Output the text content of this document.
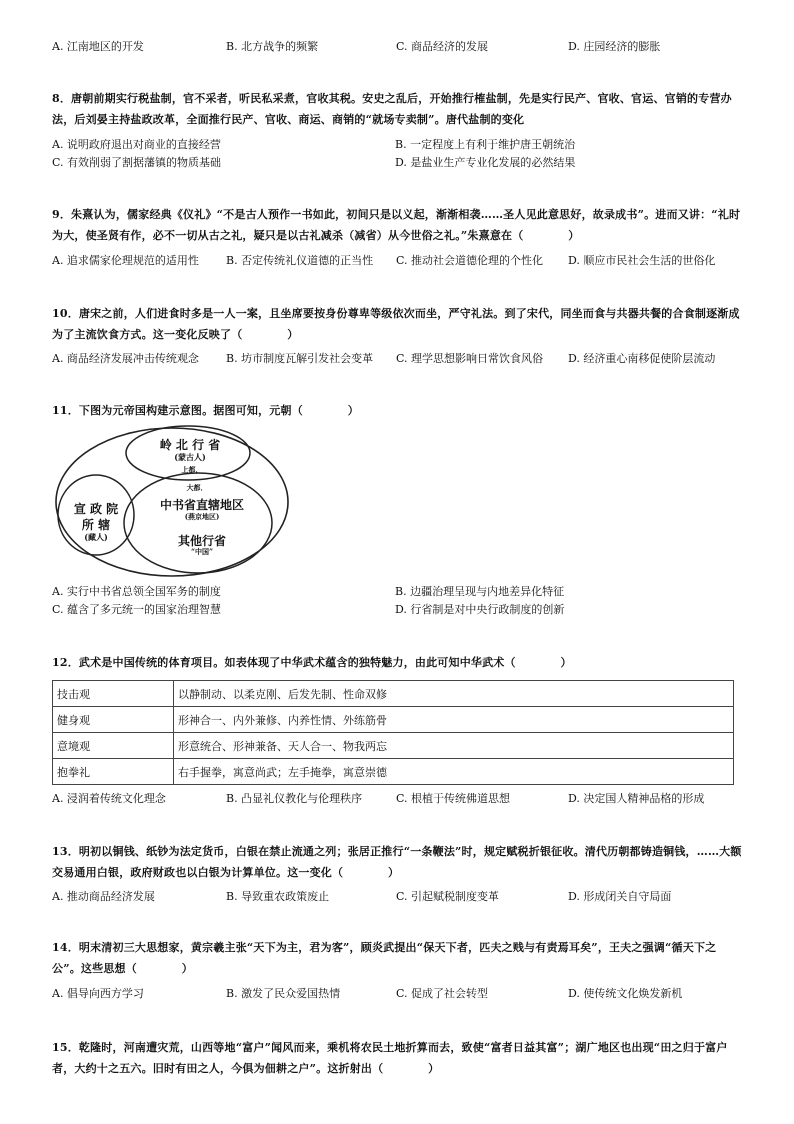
A. 江南地区的开发	B. 北方战争的频繁	C. 商品经济的发展	D. 庄园经济的膨胀
8．唐朝前期实行税盐制，官不采者，听民私采煮，官收其税。安史之乱后，开始推行榷盐制，先是实行民产、官收、官运、官销的专营办法，后刘晏主持盐政改革，全面推行民产、官收、商运、商销的“就场专卖制”。唐代盐制的变化
A. 说明政府退出对商业的直接经营	B. 一定程度上有利于维护唐王朝统治
C. 有效削弱了割据藩镇的物质基础	D. 是盐业生产专业化发展的必然结果
9．朱熹认为，儒家经典《仪礼》“不是古人预作一书如此，初间只是以义起，渐渐相袭……圣人见此意思好，故录成书”。进而又讲：“礼时为大，使圣贤有作，必不一切从古之礼，疑只是以古礼减杀（减省）从今世俗之礼。”朱熹意在（　　　　）
A. 追求儒家伦理规范的适用性 B. 否定传统礼仪道德的正当性 C. 推动社会道德伦理的个性化 D. 顺应市民社会生活的世俗化
10．唐宋之前，人们进食时多是一人一案，且坐席要按身份尊卑等级依次而坐，严守礼法。到了宋代，同坐而食与共器共餐的合食制逐渐成为了主流饮食方式。这一变化反映了（　　　　）
A. 商品经济发展冲击传统观念 B. 坊市制度瓦解引发社会变革 C. 理学思想影响日常饮食风俗 D. 经济重心南移促使阶层流动
11．下图为元帝国构建示意图。据图可知，元朝（　　　　）
岭 北 行 省
(蒙古人)
上都．
大都．
中书省直辖地区
(燕京地区)
宣 政 院
所 辖
(藏人)	其他行省
“中国”
A. 实行中书省总领全国军务的制度	B. 边疆治理呈现与内地差异化特征
C. 蕴含了多元统一的国家治理智慧	D. 行省制是对中央行政制度的创新
12．武术是中国传统的体育项目。如表体现了中华武术蕴含的独特魅力，由此可知中华武术（　　　　）
技击观	以静制动、以柔克刚、后发先制、性命双修
健身观	形神合一、内外兼修、内养性情、外练筋骨
意境观	形意统合、形神兼备、天人合一、物我两忘
抱拳礼	右手握拳，寓意尚武；左手掩拳，寓意崇德
A. 浸润着传统文化理念	B. 凸显礼仪教化与伦理秩序	C. 根植于传统佛道思想	D. 决定国人精神品格的形成
13．明初以铜钱、纸钞为法定货币，白银在禁止流通之列；张居正推行“一条鞭法”时，规定赋税折银征收。清代历朝都铸造铜钱，……大额交易通用白银，政府财政也以白银为计算单位。这一变化（　　　　）
A. 推动商品经济发展	B. 导致重农政策废止	C. 引起赋税制度变革	D. 形成闭关自守局面
14．明末清初三大思想家，黄宗羲主张“天下为主，君为客”，顾炎武提出“保天下者，匹夫之贱与有责焉耳矣”，王夫之强调“循天下之公”。这些思想（　　　　）
A. 倡导向西方学习	B. 激发了民众爱国热情	C. 促成了社会转型	D. 使传统文化焕发新机
15．乾隆时，河南遭灾荒，山西等地“富户”闻风而来，乘机将农民土地折算而去，致使“富者日益其富”；湖广地区也出现“田之归于富户者，大约十之五六。旧时有田之人，今俱为佃耕之户”。这折射出（　　　　）
